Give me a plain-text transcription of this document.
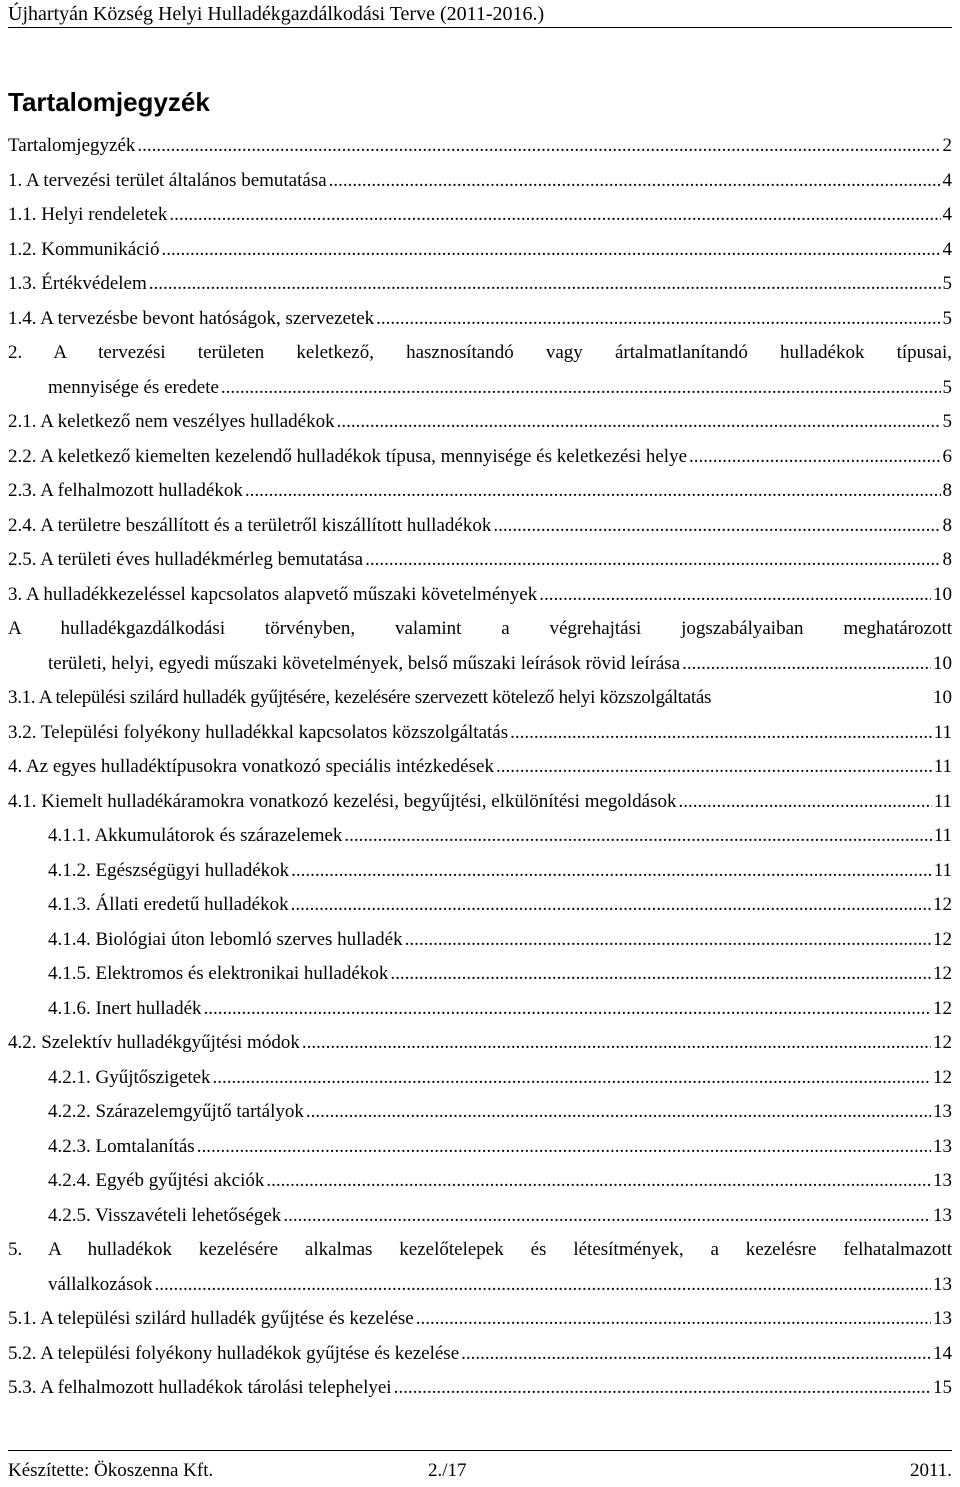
Újhartyán Község Helyi Hulladékgazdálkodási Terve (2011-2016.)
Tartalomjegyzék
Tartalomjegyzék .....	2
1. A tervezési terület általános bemutatása .....	4
1.1. Helyi rendeletek .....	4
1.2. Kommunikáció .....	4
1.3. Értékvédelem .....	5
1.4. A tervezésbe bevont hatóságok, szervezetek .....	5
2. A tervezési területen keletkező, hasznosítandó vagy ártalmatlanítandó hulladékok típusai,
mennyisége és eredete .....	5
2.1. A keletkező nem veszélyes hulladékok .....	5
2.2. A keletkező kiemelten kezelendő hulladékok típusa, mennyisége és keletkezési helye .....	6
2.3. A felhalmozott hulladékok .....	8
2.4. A területre beszállított és a területről kiszállított hulladékok .....	8
2.5. A területi éves hulladékmérleg bemutatása .....	8
3. A hulladékkezeléssel kapcsolatos alapvető műszaki követelmények .....	10
A hulladékgazdálkodási törvényben, valamint a végrehajtási jogszabályaiban meghatározott
területi, helyi, egyedi műszaki követelmények, belső műszaki leírások rövid leírása .....	10
3.1. A települési szilárd hulladék gyűjtésére, kezelésére szervezett kötelező helyi közszolgáltatás	10
3.2. Települési folyékony hulladékkal kapcsolatos közszolgáltatás .....	11
4. Az egyes hulladéktípusokra vonatkozó speciális intézkedések .....	11
4.1. Kiemelt hulladékáramokra vonatkozó kezelési, begyűjtési, elkülönítési megoldások .....	11
4.1.1. Akkumulátorok és szárazelemek .....	11
4.1.2. Egészségügyi hulladékok .....	11
4.1.3. Állati eredetű hulladékok .....	12
4.1.4. Biológiai úton lebomló szerves hulladék .....	12
4.1.5. Elektromos és elektronikai hulladékok .....	12
4.1.6. Inert hulladék .....	12
4.2. Szelektív hulladékgyűjtési módok .....	12
4.2.1. Gyűjtőszigetek .....	12
4.2.2. Szárazelemgyűjtő tartályok .....	13
4.2.3. Lomtalanítás .....	13
4.2.4. Egyéb gyűjtési akciók .....	13
4.2.5. Visszavételi lehetőségek .....	13
5. A hulladékok kezelésére alkalmas kezelőtelepek és létesítmények, a kezelésre felhatalmazott
vállalkozások .....	13
5.1. A települési szilárd hulladék gyűjtése és kezelése .....	13
5.2. A települési folyékony hulladékok gyűjtése és kezelése .....	14
5.3. A felhalmozott hulladékok tárolási telephelyei .....	15
Készítette: Ökoszenna Kft.	2./17	2011.
